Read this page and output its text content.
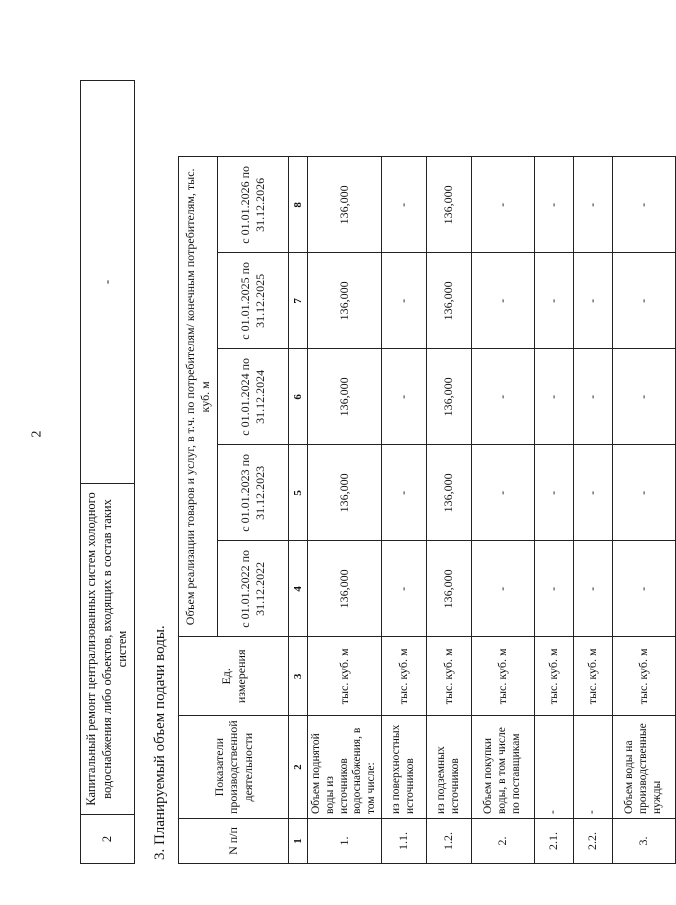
2
2	Капитальный ремонт централизованных систем холодного водоснабжения либо объектов, входящих в состав таких систем	-
3. Планируемый объем подачи воды.	N п/п	Показатели производственной деятельности	Ед. измерения	Объем реализации товаров и услуг, в т.ч. по потребителям/ конечным потребителям, тыс. куб. м				
			с 01.01.2022 по 31.12.2022	с 01.01.2023 по 31.12.2023	с 01.01.2024 по 31.12.2024	с 01.01.2025 по 31.12.2025	с 01.01.2026 по 31.12.2026
1	2	3	4	5	6	7	8
1.	Объем поднятой воды из источников водоснабжения, в том числе:	тыс. куб. м	136,000	136,000	136,000	136,000	136,000
1.1.	из поверхностных источников	тыс. куб. м	-	-	-	-	-
1.2.	из подземных источников	тыс. куб. м	136,000	136,000	136,000	136,000	136,000
2.	Объем покупки воды, в том числе по поставщикам	тыс. куб. м	-	-	-	-	-
2.1.	-	тыс. куб. м	-	-	-	-	-
2.2.	-	тыс. куб. м	-	-	-	-	-
3.	Объем воды на производственные нужды	тыс. куб. м	-	-	-	-	-
